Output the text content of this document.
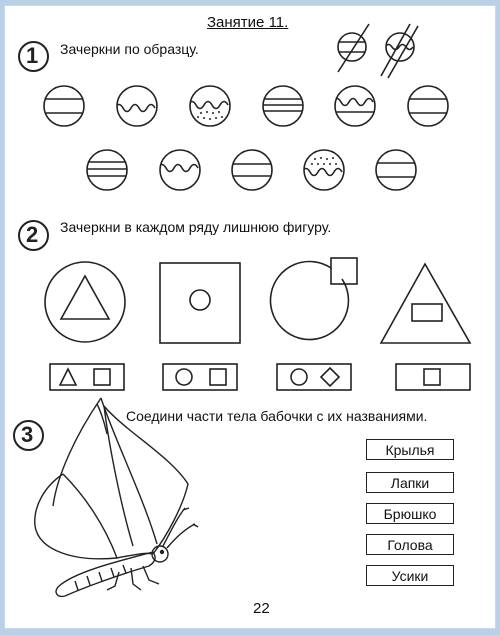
Занятие 11.
1 Зачеркни по образцу.
2 Зачеркни в каждом ряду лишнюю фигуру.
3
Соедини части тела бабочки с их названиями.
Крылья
Лапки
Брюшко
Голова
Усики
22
